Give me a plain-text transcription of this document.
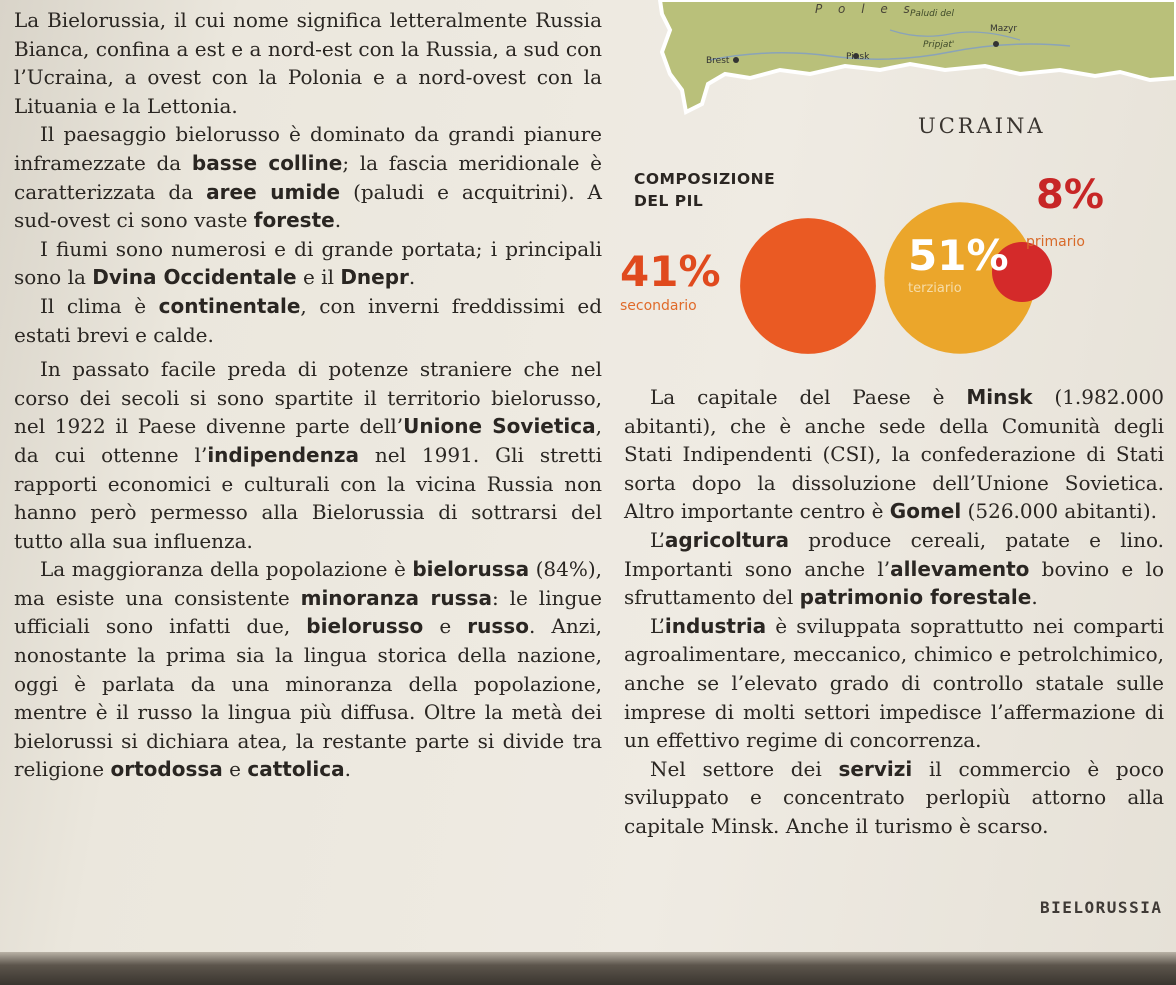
P o l e s
Paludi del
Pripjat'
Brest	Pinsk
Mazyr
UCRAINA
COMPOSIZIONE
DEL PIL	8%
primario
41%
secondario
51%
terziario

La Bielorussia, il cui nome significa letteralmente Russia Bianca, confina a est e a nord-est con la Russia, a sud con l’Ucraina, a ovest con la Polonia e a nord-ovest con la Lituania e la Lettonia.

Il paesaggio bielorusso è dominato da grandi pianure inframezzate da basse colline; la fascia meridionale è caratterizzata da aree umide (paludi e acquitrini). A sud-ovest ci sono vaste foreste.

I fiumi sono numerosi e di grande portata; i principali sono la Dvina Occidentale e il Dnepr.

Il clima è continentale, con inverni freddissimi ed estati brevi e calde.

In passato facile preda di potenze straniere che nel corso dei secoli si sono spartite il territorio bielorusso, nel 1922 il Paese divenne parte dell’Unione Sovietica, da cui ottenne l’indipendenza nel 1991. Gli stretti rapporti economici e culturali con la vicina Russia non hanno però permesso alla Bielorussia di sottrarsi del tutto alla sua influenza.

La maggioranza della popolazione è bielorussa (84%), ma esiste una consistente minoranza russa: le lingue ufficiali sono infatti due, bielorusso e russo. Anzi, nonostante la prima sia la lingua storica della nazione, oggi è parlata da una minoranza della popolazione, mentre è il russo la lingua più diffusa. Oltre la metà dei bielorussi si dichiara atea, la restante parte si divide tra religione ortodossa e cattolica.

La capitale del Paese è Minsk (1.982.000 abitanti), che è anche sede della Comunità degli Stati Indipendenti (CSI), la confederazione di Stati sorta dopo la dissoluzione dell’Unione Sovietica. Altro importante centro è Gomel (526.000 abitanti).

L’agricoltura produce cereali, patate e lino. Importanti sono anche l’allevamento bovino e lo sfruttamento del patrimonio forestale.

L’industria è sviluppata soprattutto nei comparti agroalimentare, meccanico, chimico e petrolchimico, anche se l’elevato grado di controllo statale sulle imprese di molti settori impedisce l’affermazione di un effettivo regime di concorrenza.

Nel settore dei servizi il commercio è poco sviluppato e concentrato perlopiù attorno alla capitale Minsk. Anche il turismo è scarso.

BIELORUSSIA
